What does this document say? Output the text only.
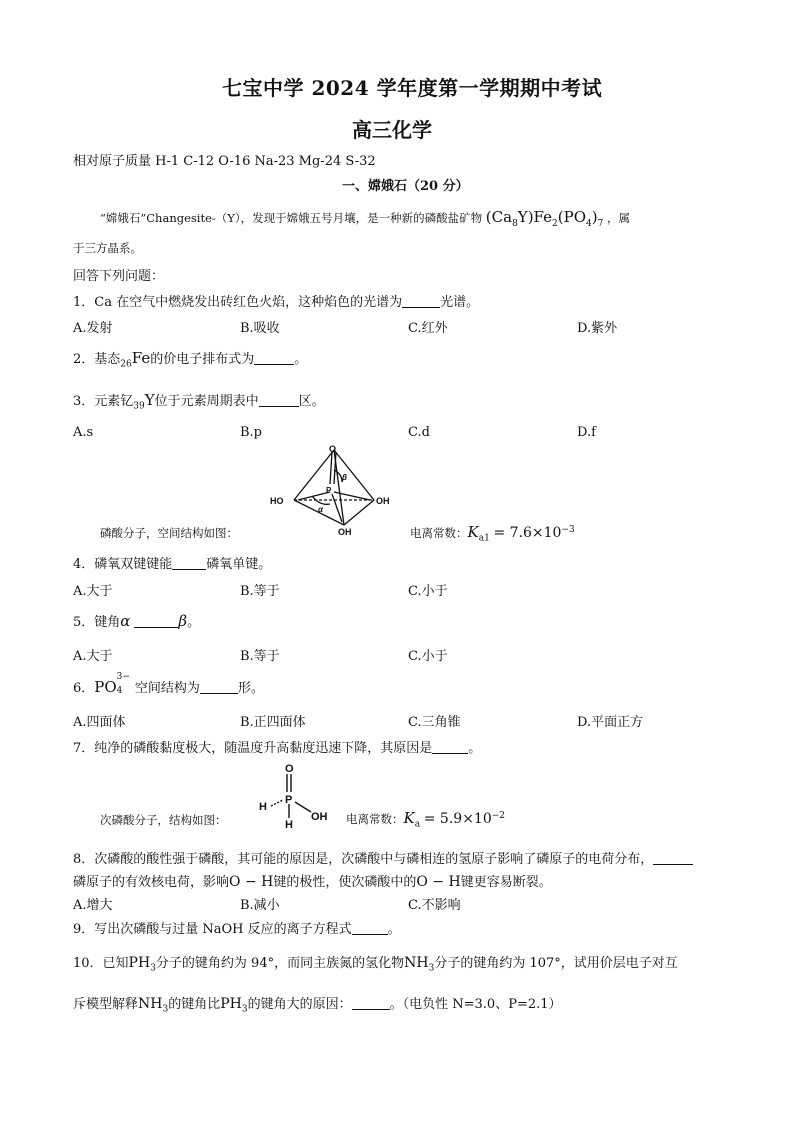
七宝中学 2024 学年度第一学期期中考试
高三化学
相对原子质量 H-1 C-12 O-16 Na-23 Mg-24 S-32
一、嫦娥石（20 分）
“嫦娥石”Changesite-（Y），发现于嫦娥五号月壤，是一种新的磷酸盐矿物 $(Ca_8Y)Fe_2(PO_4)_7$ ，属
于三方晶系。
回答下列问题：
1．Ca 在空气中燃烧发出砖红色火焰，这种焰色的光谱为	光谱。
A.发射	B.吸收	C.红外	D.紫外
2．基态$_{26}$Fe的价电子排布式为	。
3．元素钇$_{39}$Y位于元素周期表中	区。
A.s	B.p	C.d	D.f
O
P
HO	OH
OH
α
β
磷酸分子，空间结构如图：	电离常数：$K_{a1} = 7.6\times 10^{-3}$
4．磷氧双键键能	磷氧单键。
A.大于	B.等于	C.小于
5．键角α	β。
A.大于	B.等于	C.小于
6．PO
3−
4 空间结构为	形。
A.四面体	B.正四面体	C.三角锥	D.平面正方
7．纯净的磷酸黏度极大，随温度升高黏度迅速下降，其原因是	。
O
P
H
H
OH
次磷酸分子，结构如图：	电离常数：$K_a = 5.9\times 10^{-2}$
8．次磷酸的酸性强于磷酸，其可能的原因是，次磷酸中与磷相连的氢原子影响了磷原子的电荷分布，
磷原子的有效核电荷，影响O − H键的极性，使次磷酸中的O − H键更容易断裂。
A.增大	B.减小	C.不影响
9．写出次磷酸与过量 NaOH 反应的离子方程式	。
10．已知$PH_3$分子的键角约为 94°，而同主族氮的氢化物$NH_3$分子的键角约为 107°，试用价层电子对互
斥模型解释$NH_3$的键角比$PH_3$的键角大的原因：	。（电负性 N=3.0、P=2.1）
